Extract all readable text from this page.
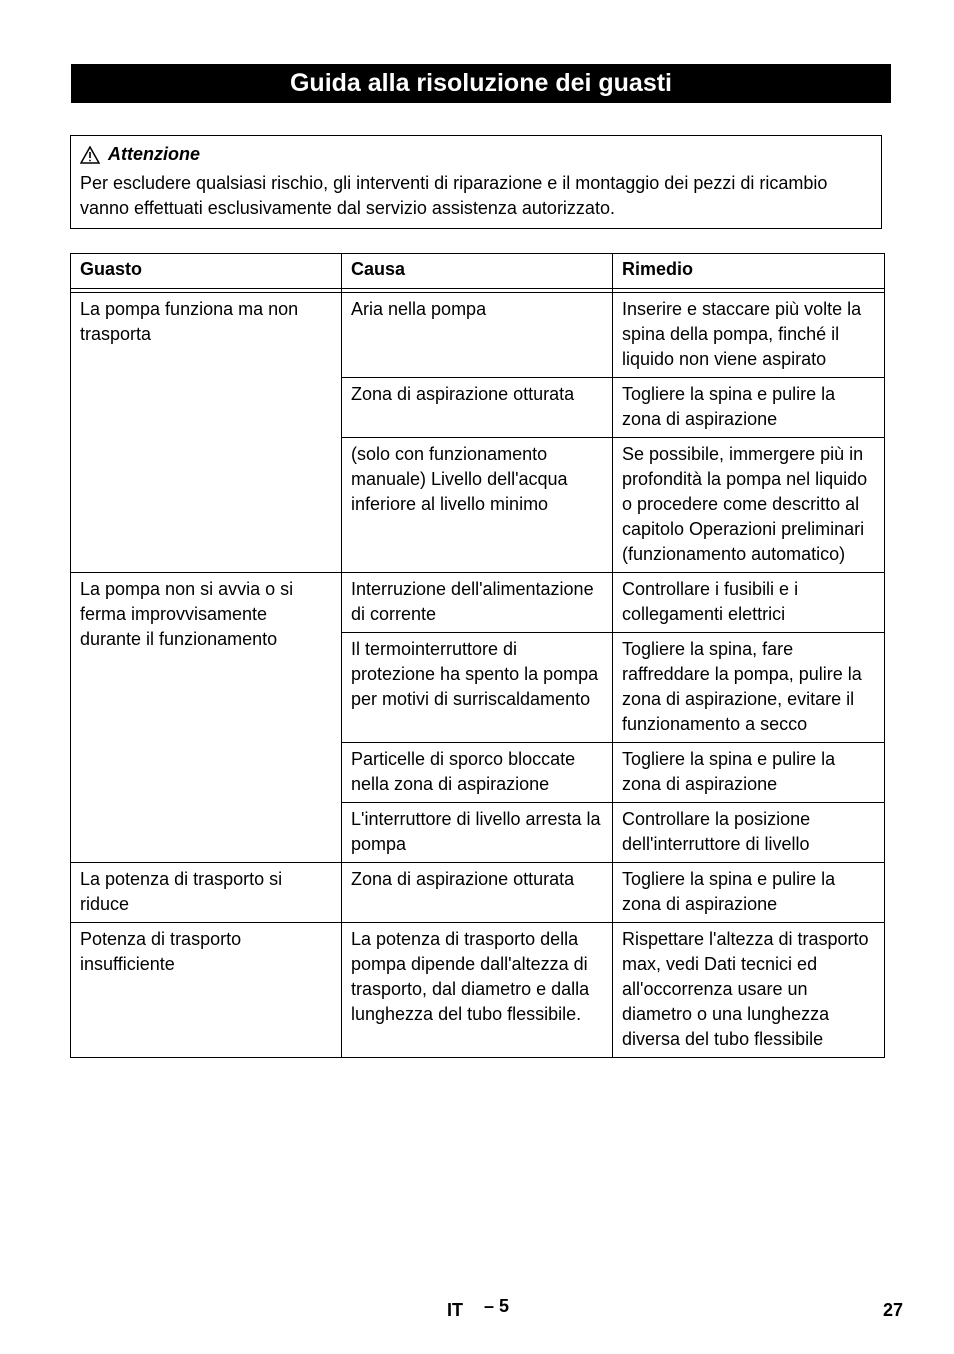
Guida alla risoluzione dei guasti
Attenzione
Per escludere qualsiasi rischio, gli interventi di riparazione e il montaggio dei pezzi di ricambio vanno effettuati esclusivamente dal servizio assistenza autorizzato.
Guasto	Causa	Rimedio

La pompa funziona ma non trasporta	Aria nella pompa	Inserire e staccare più volte la spina della pompa, finché il liquido non viene aspirato
	Zona di aspirazione otturata	Togliere la spina e pulire la zona di aspirazione
	(solo con funzionamento manuale) Livello dell'acqua inferiore al livello minimo	Se possibile, immergere più in profondità la pompa nel liquido o procedere come descritto al capitolo Operazioni preliminari (funzionamento automatico)
La pompa non si avvia o si ferma improvvisamente durante il funzionamento	Interruzione dell'alimentazione di corrente	Controllare i fusibili e i collegamenti elettrici
	Il termointerruttore di protezione ha spento la pompa per motivi di surriscaldamento	Togliere la spina, fare raffreddare la pompa, pulire la zona di aspirazione, evitare il funzionamento a secco
	Particelle di sporco bloccate nella zona di aspirazione	Togliere la spina e pulire la zona di aspirazione
	L'interruttore di livello arresta la pompa	Controllare la posizione dell'interruttore di livello
La potenza di trasporto si riduce	Zona di aspirazione otturata	Togliere la spina e pulire la zona di aspirazione
Potenza di trasporto insufficiente	La potenza di trasporto della pompa dipende dall'altezza di trasporto, dal diametro e dalla lunghezza del tubo flessibile.	Rispettare l'altezza di trasporto max, vedi Dati tecnici ed all'occorrenza usare un diametro o una lunghezza diversa del tubo flessibile
IT – 5	27
